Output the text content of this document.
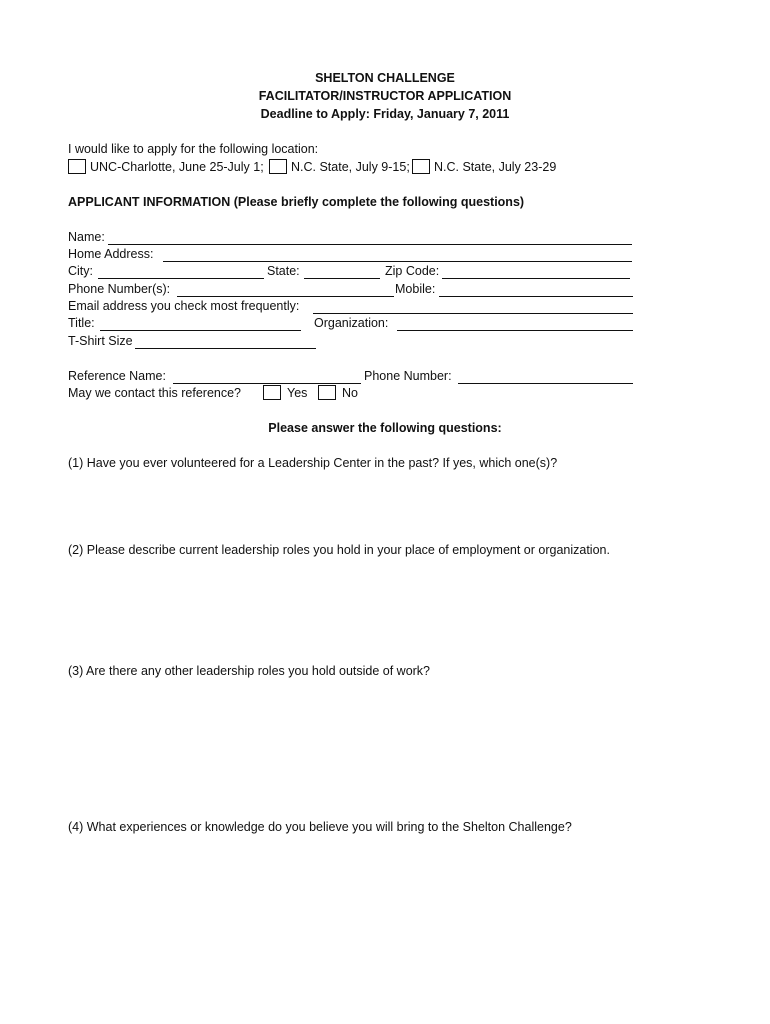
SHELTON CHALLENGE
FACILITATOR/INSTRUCTOR APPLICATION
Deadline to Apply: Friday, January 7, 2011
I would like to apply for the following location:
UNC-Charlotte, June 25-July 1; N.C. State, July 9-15; N.C. State, July 23-29
APPLICANT INFORMATION (Please briefly complete the following questions)
Name:
Home Address:
City:	State:	Zip Code:
Phone Number(s):	Mobile:
Email address you check most frequently:
Title:	Organization:
T-Shirt Size
Reference Name:	Phone Number:
May we contact this reference?	Yes	No
Please answer the following questions:
(1) Have you ever volunteered for a Leadership Center in the past? If yes, which one(s)?
(2) Please describe current leadership roles you hold in your place of employment or organization.
(3) Are there any other leadership roles you hold outside of work?
(4) What experiences or knowledge do you believe you will bring to the Shelton Challenge?
